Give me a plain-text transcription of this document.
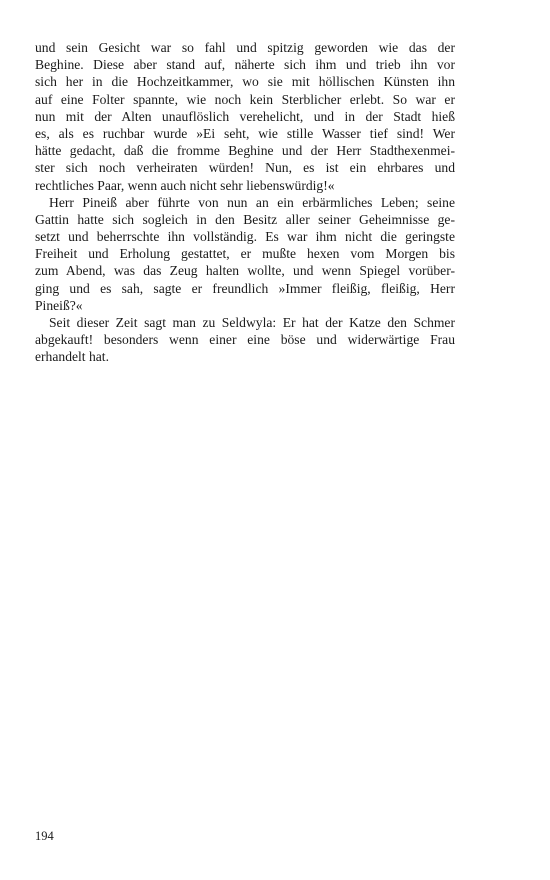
und sein Gesicht war so fahl und spitzig geworden wie das der
Beghine. Diese aber stand auf, näherte sich ihm und trieb ihn vor
sich her in die Hochzeitkammer, wo sie mit höllischen Künsten ihn
auf eine Folter spannte, wie noch kein Sterblicher erlebt. So war er
nun mit der Alten unauflöslich verehelicht, und in der Stadt hieß
es, als es ruchbar wurde »Ei seht, wie stille Wasser tief sind! Wer
hätte gedacht, daß die fromme Beghine und der Herr Stadthexenmei-
ster sich noch verheiraten würden! Nun, es ist ein ehrbares und
rechtliches Paar, wenn auch nicht sehr liebenswürdig!«
Herr Pineiß aber führte von nun an ein erbärmliches Leben; seine
Gattin hatte sich sogleich in den Besitz aller seiner Geheimnisse ge-
setzt und beherrschte ihn vollständig. Es war ihm nicht die geringste
Freiheit und Erholung gestattet, er mußte hexen vom Morgen bis
zum Abend, was das Zeug halten wollte, und wenn Spiegel vorüber-
ging und es sah, sagte er freundlich »Immer fleißig, fleißig, Herr
Pineiß?«
Seit dieser Zeit sagt man zu Seldwyla: Er hat der Katze den Schmer
abgekauft! besonders wenn einer eine böse und widerwärtige Frau
erhandelt hat.
194
